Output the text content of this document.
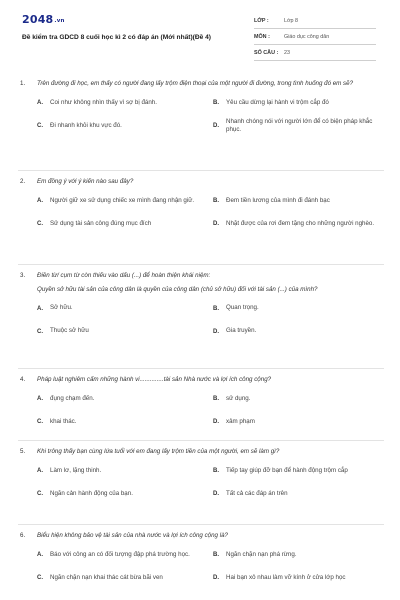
2048.vn
Đề kiểm tra GDCD 8 cuối học kì 2 có đáp án (Mới nhất)(Đề 4)
LỚP :	Lớp 8
MÔN :	Giáo dục công dân
SỐ CÂU :	23
1.	Trên đường đi học, em thấy có người đang lấy trộm điện thoại của một người đi đường, trong tình huống đó em sẽ?
A.	Coi như không nhìn thấy vì sợ bị đánh.	B.	Yêu cầu dừng lại hành vi trộm cắp đó
C.	Đi nhanh khỏi khu vực đó.	D.
Nhanh chóng nói với người lớn để có biện pháp khắc phục.
2.	Em đồng ý với ý kiến nào sau đây?
A.	Người giữ xe sử dụng chiếc xe mình đang nhận giữ.	B.	Đem tiền lương của mình đi đánh bạc
C.	Sử dụng tài sản công đúng mục đích	D.	Nhặt được của rơi đem tặng cho những người nghèo.
3.	Điền từ/ cụm từ còn thiếu vào dấu (...) để hoàn thiện khái niệm:
Quyền sở hữu tài sản của công dân là quyền của công dân (chủ sở hữu) đối với tài sản (...) của mình?
A.	Sở hữu.	B.	Quan trọng.
C.	Thuộc sở hữu	D.	Gia truyền.
4.	Pháp luật nghiêm cấm những hành vi..............tài sản Nhà nước và lợi ích công cộng?
A.	đụng chạm đến.	B.	sử dụng.
C.	khai thác.	D.	xâm phạm
5.	Khi trông thấy bạn cùng lứa tuổi với em đang lấy trộm tiền của một người, em sẽ làm gì?
A.	Làm lơ, lặng thinh.	B.	Tiếp tay giúp đỡ bạn để hành động trộm cắp
C.	Ngăn cản hành động của bạn.	D.	Tất cả các đáp án trên
6.	Biểu hiện không bảo vệ tài sản của nhà nước và lợi ích công cộng là?
A.	Báo với công an có đối tượng đập phá trường học.	B.	Ngăn chặn nạn phá rừng.
C.	Ngăn chặn nạn khai thác cát bừa bãi ven	D.	Hai bạn xô nhau làm vỡ kính ở cửa lớp học
